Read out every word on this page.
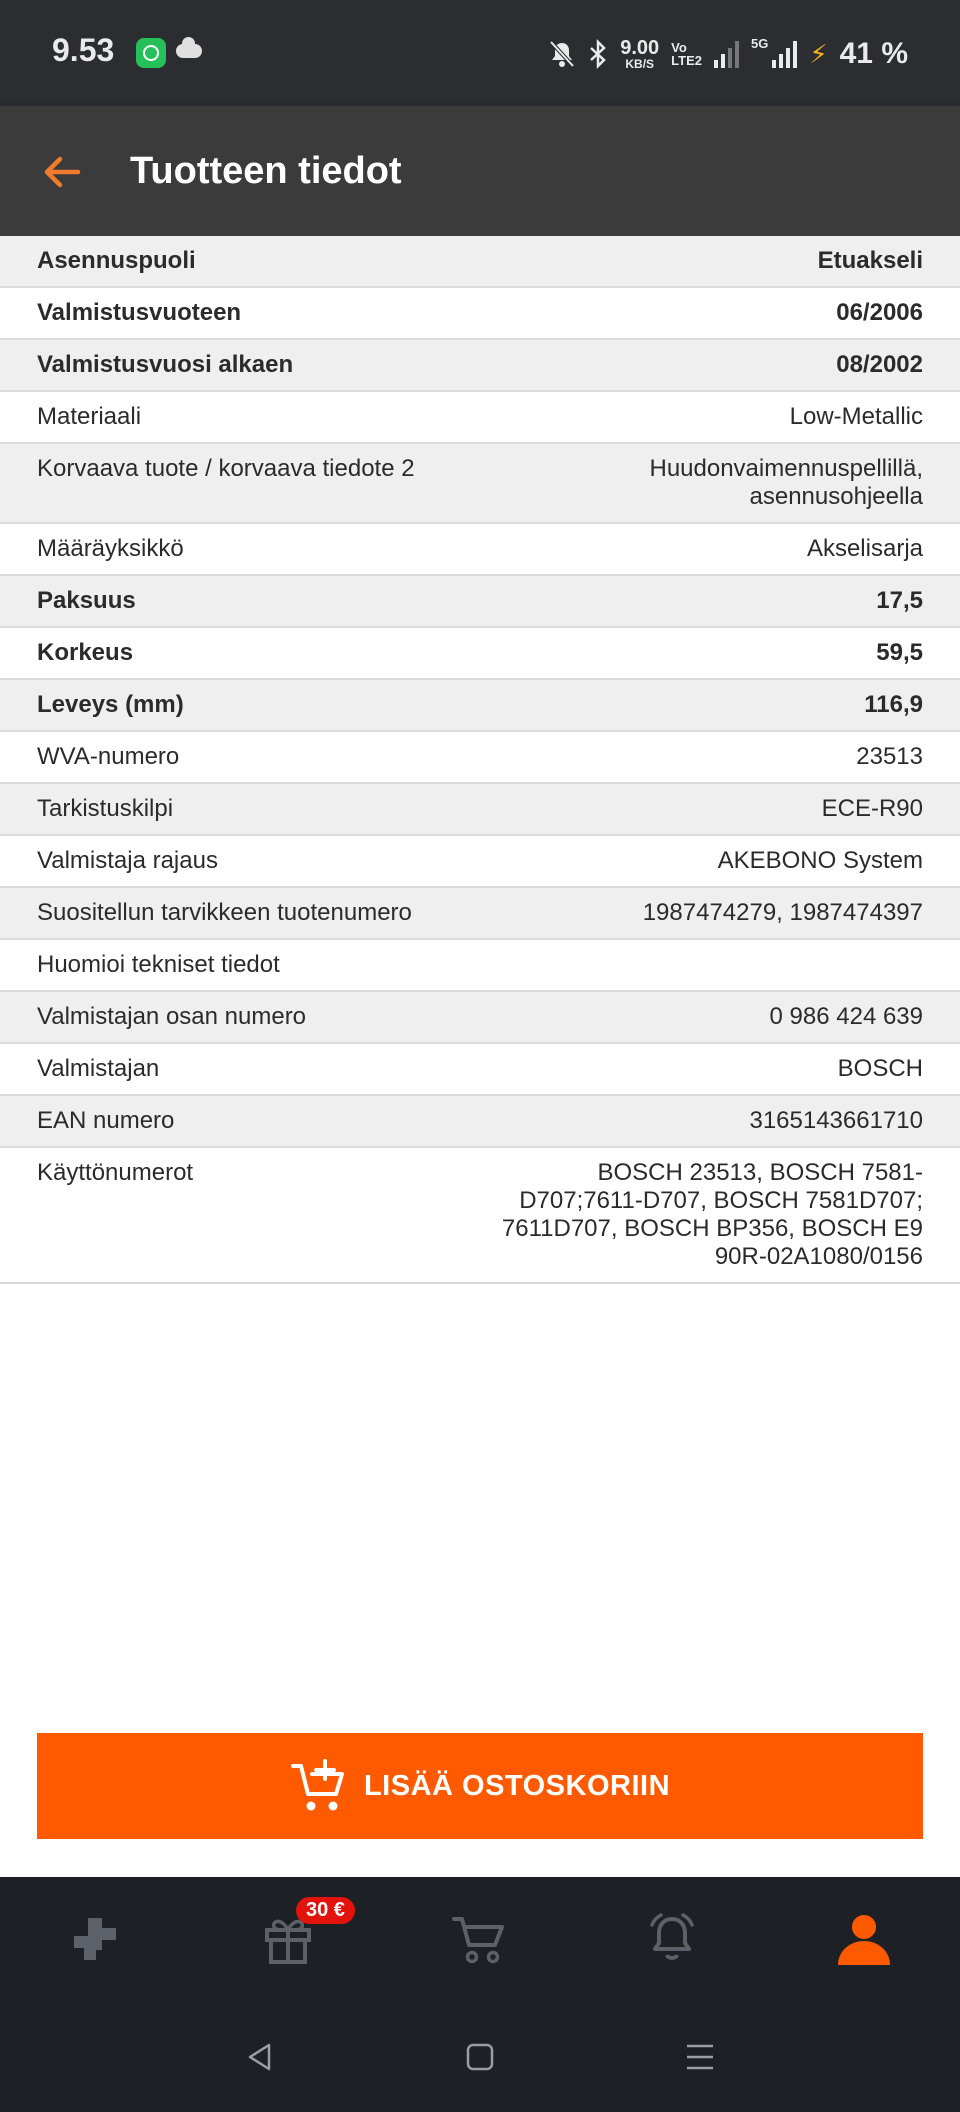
9.53	9.00
KB/S
Vo
LTE2
5G ⚡ 41 %
Tuotteen tiedot
Asennuspuoli	Etuakseli
Valmistusvuoteen	06/2006
Valmistusvuosi alkaen	08/2002
Materiaali	Low-Metallic
Korvaava tuote / korvaava tiedote 2	Huudonvaimennuspellillä, asennusohjeella
Määräyksikkö	Akselisarja
Paksuus	17,5
Korkeus	59,5
Leveys (mm)	116,9
WVA-numero	23513
Tarkistuskilpi	ECE-R90
Valmistaja rajaus	AKEBONO System
Suositellun tarvikkeen tuotenumero	1987474279, 1987474397
Huomioi tekniset tiedot
Valmistajan osan numero	0 986 424 639
Valmistajan	BOSCH
EAN numero	3165143661710
Käyttönumerot	BOSCH 23513, BOSCH 7581-D707;7611-D707, BOSCH 7581D707; 7611D707, BOSCH BP356, BOSCH E9 90R-02A1080/0156
LISÄÄ OSTOSKORIIN
30 €
